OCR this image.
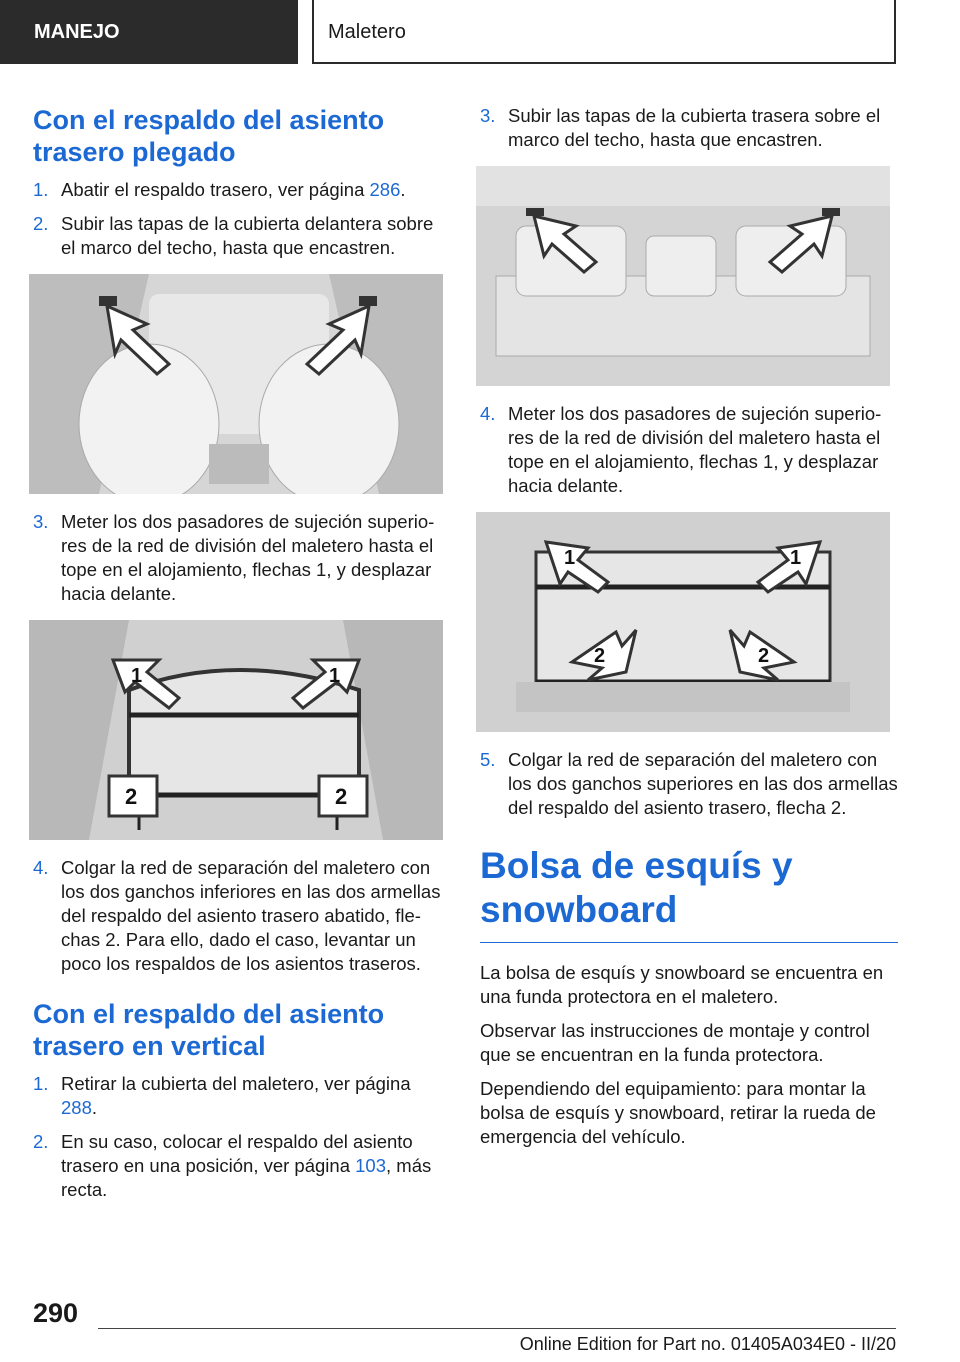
MANEJO	Maletero
Con el respaldo del asiento trasero plegado
1. Abatir el respaldo trasero, ver página 286.
2. Subir las tapas de la cubierta delantera sobre el marco del techo, hasta que encastren.
3. Meter los dos pasadores de sujeción superiores de la red de división del maletero hasta el tope en el alojamiento, flechas 1, y desplazar hacia delante.
1	1
2	2
4. Colgar la red de separación del maletero con los dos ganchos inferiores en las dos armellas del respaldo del asiento trasero abatido, flechas 2. Para ello, dado el caso, levantar un poco los respaldos de los asientos traseros.
Con el respaldo del asiento trasero en vertical
1. Retirar la cubierta del maletero, ver página 288.
2. En su caso, colocar el respaldo del asiento trasero en una posición, ver página 103, más recta.
3. Subir las tapas de la cubierta trasera sobre el marco del techo, hasta que encastren.
4. Meter los dos pasadores de sujeción superiores de la red de división del maletero hasta el tope en el alojamiento, flechas 1, y desplazar hacia delante.
1	1
2	2
5. Colgar la red de separación del maletero con los dos ganchos superiores en las dos armellas del respaldo del asiento trasero, flecha 2.
Bolsa de esquís y snowboard

La bolsa de esquís y snowboard se encuentra en una funda protectora en el maletero.

Observar las instrucciones de montaje y control que se encuentran en la funda protectora.

Dependiendo del equipamiento: para montar la bolsa de esquís y snowboard, retirar la rueda de emergencia del vehículo.

290
Online Edition for Part no. 01405A034E0 - II/20
